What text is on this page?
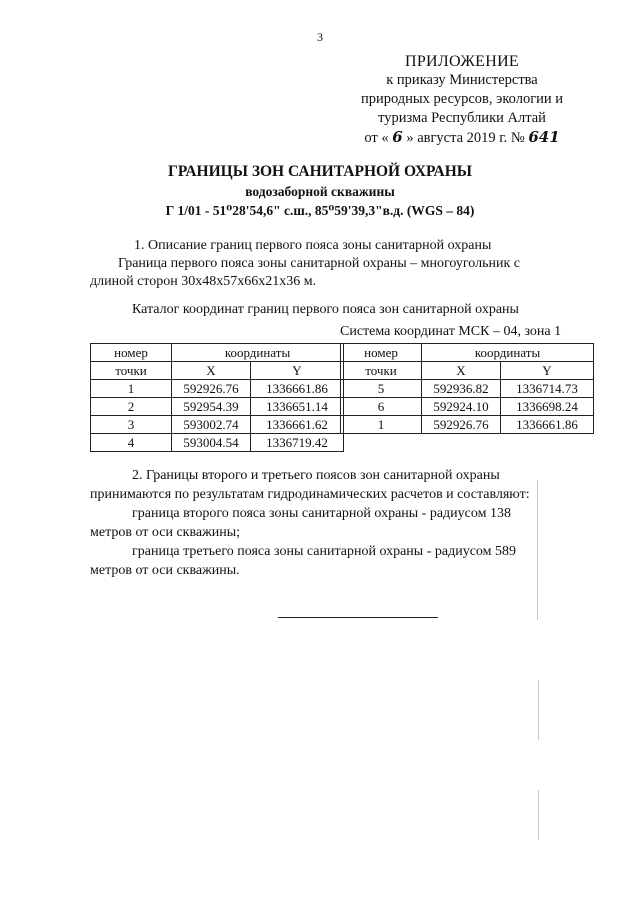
3
ПРИЛОЖЕНИЕ
к приказу Министерства
природных ресурсов, экологии и
туризма Республики Алтай
от « 6 » августа 2019 г. № 641
ГРАНИЦЫ ЗОН САНИТАРНОЙ ОХРАНЫ
водозаборной скважины
Г 1/01 - 51⁰28'54,6" с.ш., 85⁰59'39,3"в.д. (WGS – 84)
1. Описание границ первого пояса зоны санитарной охраны
Граница первого пояса зоны санитарной охраны – многоугольник с
длиной сторон 30х48х57х66х21х36 м.
Каталог координат границ первого пояса зон санитарной охраны
Система координат МСК – 04, зона 1
номер	координаты	
точки	X	Y
1	592926.76	1336661.86
2	592954.39	1336651.14
3	593002.74	1336661.62
4	593004.54	1336719.42
номер	координаты	
точки	X	Y
5	592936.82	1336714.73
6	592924.10	1336698.24
1	592926.76	1336661.86
2. Границы второго и третьего поясов зон санитарной охраны
принимаются по результатам гидродинамических расчетов и составляют:
граница второго пояса зоны санитарной охраны - радиусом 138
метров от оси скважины;
граница третьего пояса зоны санитарной охраны - радиусом 589
метров от оси скважины.
